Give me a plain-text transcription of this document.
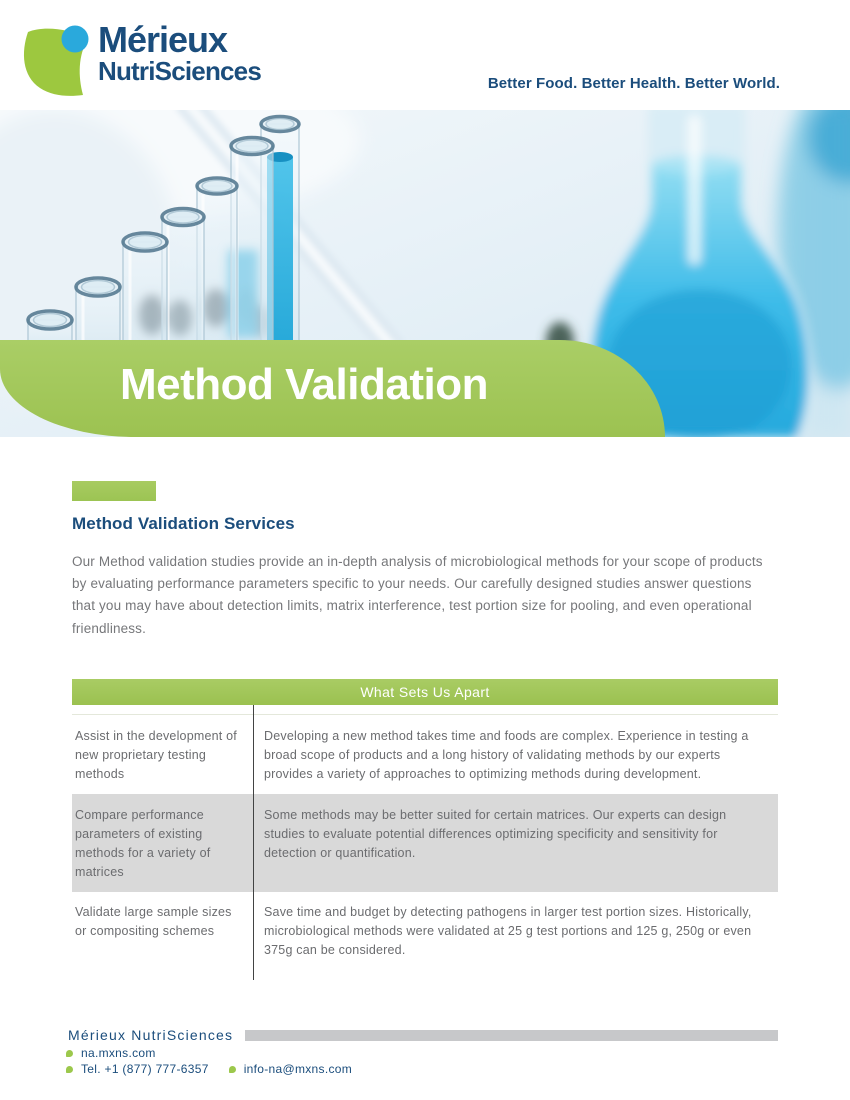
Mérieux
NutriSciences	Better Food. Better Health. Better World.
Method Validation
Method Validation Services
Our Method validation studies provide an in-depth analysis of microbiological methods for your scope of products by evaluating performance parameters specific to your needs. Our carefully designed studies answer questions that you may have about detection limits, matrix interference, test portion size for pooling, and even operational friendliness.
What Sets Us Apart
Assist in the development of new proprietary testing methods
Developing a new method takes time and foods are complex. Experience in testing a broad scope of products and a long history of validating methods by our experts provides a variety of approaches to optimizing methods during development.
Compare performance parameters of existing methods for a variety of matrices
Some methods may be better suited for certain matrices. Our experts can design studies to evaluate potential differences optimizing specificity and sensitivity for detection or quantification.
Validate large sample sizes or compositing schemes
Save time and budget by detecting pathogens in larger test portion sizes. Historically, microbiological methods were validated at 25 g test portions and 125 g, 250g or even 375g can be considered.
Mérieux NutriSciences
na.mxns.com
Tel. +1 (877) 777-6357	info-na@mxns.com
